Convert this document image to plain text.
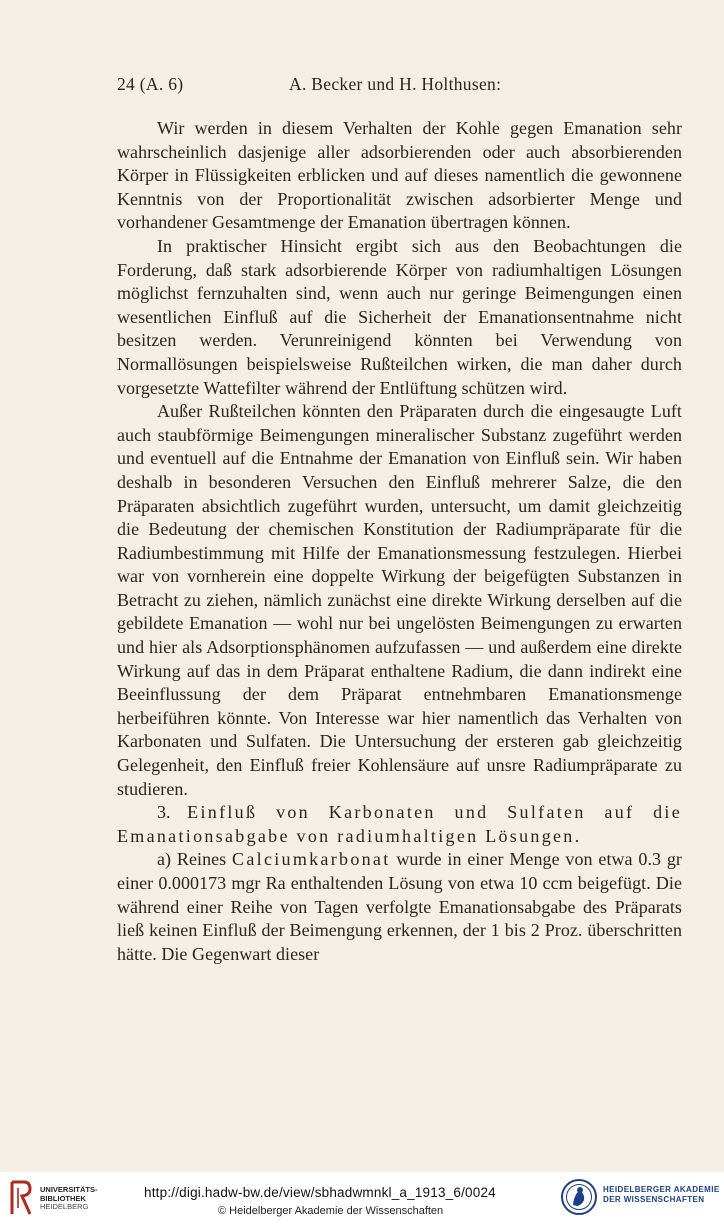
24 (A. 6)	A. Becker und H. Holthusen:

Wir werden in diesem Verhalten der Kohle gegen Emanation sehr wahrscheinlich dasjenige aller adsorbierenden oder auch absorbierenden Körper in Flüssigkeiten erblicken und auf dieses namentlich die gewonnene Kenntnis von der Proportionalität zwischen adsorbierter Menge und vorhandener Gesamtmenge der Emanation übertragen können.

In praktischer Hinsicht ergibt sich aus den Beobachtungen die Forderung, daß stark adsorbierende Körper von radiumhaltigen Lösungen möglichst fernzuhalten sind, wenn auch nur geringe Beimengungen einen wesentlichen Einfluß auf die Sicherheit der Emanationsentnahme nicht besitzen werden. Verunreinigend könnten bei Verwendung von Normallösungen beispielsweise Rußteilchen wirken, die man daher durch vorgesetzte Wattefilter während der Entlüftung schützen wird.

Außer Rußteilchen könnten den Präparaten durch die eingesaugte Luft auch staubförmige Beimengungen mineralischer Substanz zugeführt werden und eventuell auf die Entnahme der Emanation von Einfluß sein. Wir haben deshalb in besonderen Versuchen den Einfluß mehrerer Salze, die den Präparaten absichtlich zugeführt wurden, untersucht, um damit gleichzeitig die Bedeutung der chemischen Konstitution der Radiumpräparate für die Radiumbestimmung mit Hilfe der Emanationsmessung festzulegen. Hierbei war von vornherein eine doppelte Wirkung der beigefügten Substanzen in Betracht zu ziehen, nämlich zunächst eine direkte Wirkung derselben auf die gebildete Emanation — wohl nur bei ungelösten Beimengungen zu erwarten und hier als Adsorptionsphänomen aufzufassen — und außerdem eine direkte Wirkung auf das in dem Präparat enthaltene Radium, die dann indirekt eine Beeinflussung der dem Präparat entnehmbaren Emanationsmenge herbeiführen könnte. Von Interesse war hier namentlich das Verhalten von Karbonaten und Sulfaten. Die Untersuchung der ersteren gab gleichzeitig Gelegenheit, den Einfluß freier Kohlensäure auf unsre Radiumpräparate zu studieren.

3. Einfluß von Karbonaten und Sulfaten auf die Emanationsabgabe von radiumhaltigen Lösungen.

a) Reines Calciumkarbonat wurde in einer Menge von etwa 0.3 gr einer 0.000173 mgr Ra enthaltenden Lösung von etwa 10 ccm beigefügt. Die während einer Reihe von Tagen verfolgte Emanationsabgabe des Präparats ließ keinen Einfluß der Beimengung erkennen, der 1 bis 2 Proz. überschritten hätte. Die Gegenwart dieser

UNIVERSITÄTS-
BIBLIOTHEK
HEIDELBERG
http://digi.hadw-bw.de/view/sbhadwmnkl_a_1913_6/0024
© Heidelberger Akademie der Wissenschaften
HEIDELBERGER AKADEMIE
DER WISSENSCHAFTEN
